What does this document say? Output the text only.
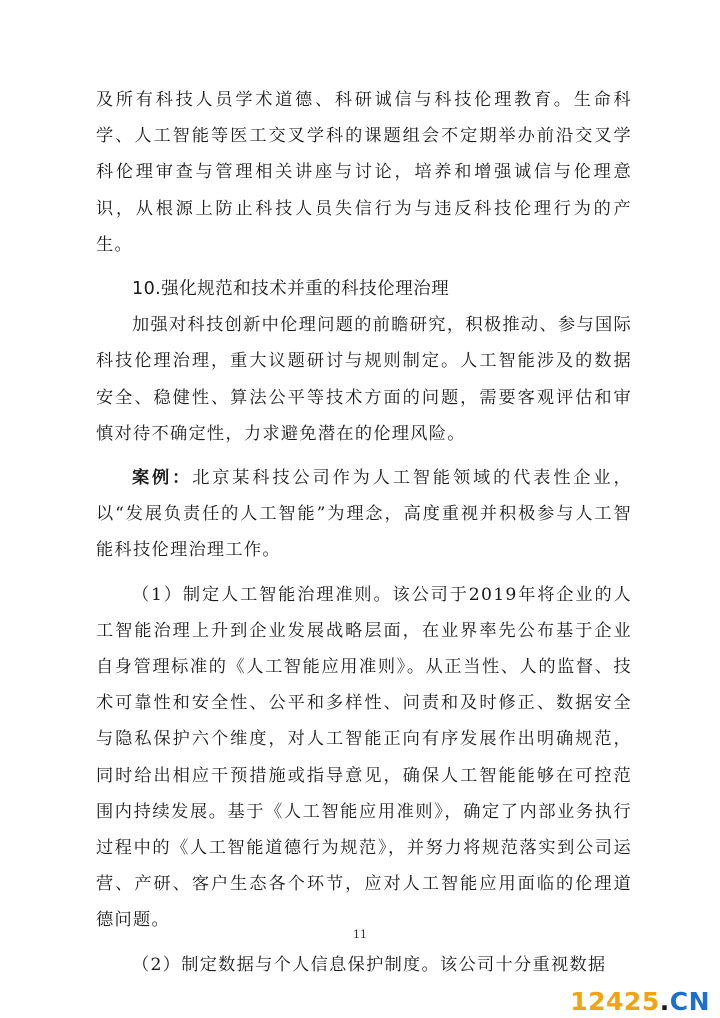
及所有科技人员学术道德、科研诚信与科技伦理教育。生命科学、人工智能等医工交叉学科的课题组会不定期举办前沿交叉学科伦理审查与管理相关讲座与讨论，培养和增强诚信与伦理意识，从根源上防止科技人员失信行为与违反科技伦理行为的产生。

10.强化规范和技术并重的科技伦理治理

加强对科技创新中伦理问题的前瞻研究，积极推动、参与国际科技伦理治理，重大议题研讨与规则制定。人工智能涉及的数据安全、稳健性、算法公平等技术方面的问题，需要客观评估和审慎对待不确定性，力求避免潜在的伦理风险。

案例：北京某科技公司作为人工智能领域的代表性企业，以“发展负责任的人工智能”为理念，高度重视并积极参与人工智能科技伦理治理工作。

（1）制定人工智能治理准则。该公司于2019年将企业的人工智能治理上升到企业发展战略层面，在业界率先公布基于企业自身管理标准的《人工智能应用准则》。从正当性、人的监督、技术可靠性和安全性、公平和多样性、问责和及时修正、数据安全与隐私保护六个维度，对人工智能正向有序发展作出明确规范，同时给出相应干预措施或指导意见，确保人工智能能够在可控范围内持续发展。基于《人工智能应用准则》，确定了内部业务执行过程中的《人工智能道德行为规范》，并努力将规范落实到公司运营、产研、客户生态各个环节，应对人工智能应用面临的伦理道德问题。

（2）制定数据与个人信息保护制度。该公司十分重视数据

11
12425.CN
